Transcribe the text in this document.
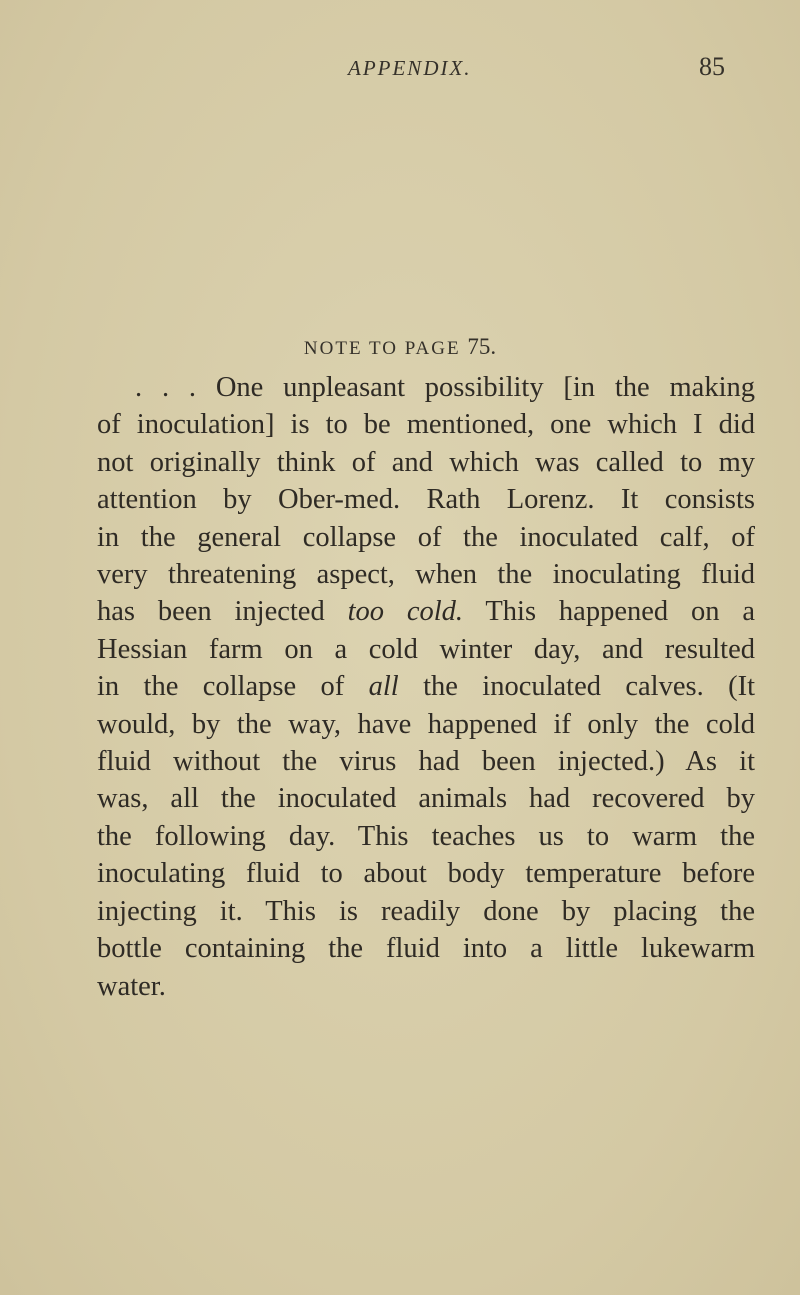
APPENDIX.	85
NOTE TO PAGE 75.
. . . One unpleasant possibility [in the making
of inoculation] is to be mentioned, one which I did
not originally think of and which was called to my
attention by Ober-med. Rath Lorenz. It consists
in the general collapse of the inoculated calf, of
very threatening aspect, when the inoculating fluid
has been injected too cold. This happened on a
Hessian farm on a cold winter day, and resulted
in the collapse of all the inoculated calves. (It
would, by the way, have happened if only the cold
fluid without the virus had been injected.) As it
was, all the inoculated animals had recovered by
the following day. This teaches us to warm the
inoculating fluid to about body temperature before
injecting it. This is readily done by placing the
bottle containing the fluid into a little lukewarm
water.
